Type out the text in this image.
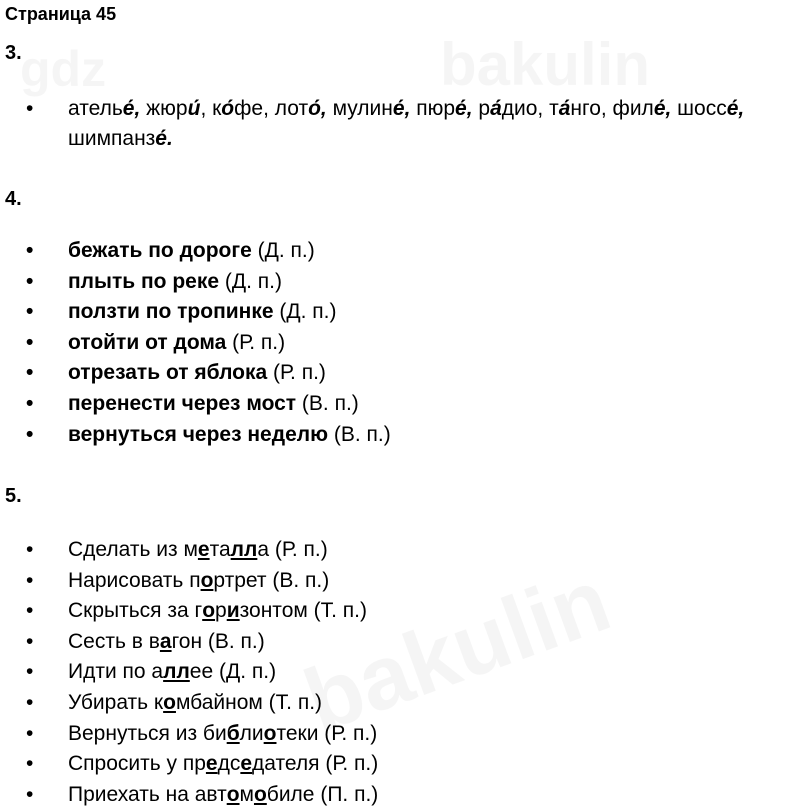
Страница 45
3.
• ателье́, жюри́, ко́фе, лото́, мулине́, пюре́, ра́дио, та́нго, филе́, шоссе́, шимпанзе́.
4.
• бежать по дороге (Д. п.)
• плыть по реке (Д. п.)
• ползти по тропинке (Д. п.)
• отойти от дома (Р. п.)
• отрезать от яблока (Р. п.)
• перенести через мост (В. п.)
• вернуться через неделю (В. п.)
5.
• Сделать из металла (Р. п.)
• Нарисовать портрет (В. п.)
• Скрыться за горизонтом (Т. п.)
• Сесть в вагон (В. п.)
• Идти по аллее (Д. п.)
• Убирать комбайном (Т. п.)
• Вернуться из библиотеки (Р. п.)
• Спросить у председателя (Р. п.)
• Приехать на автомобиле (П. п.)
